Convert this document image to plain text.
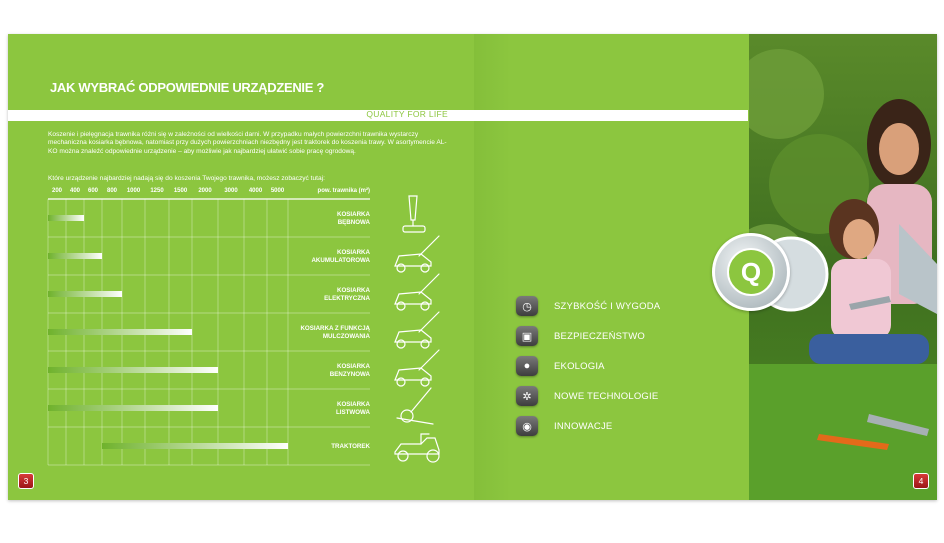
QUALITY FOR LIFE
JAK WYBRAĆ ODPOWIEDNIE URZĄDZENIE ?

Koszenie i pielęgnacja trawnika różni się w zależności od wielkości darni. W przypadku małych powierzchni trawnika wystarczy mechaniczna kosiarka bębnowa, natomiast przy dużych powierzchniach niezbędny jest traktorek do koszenia trawy. W asortymencie AL-KO można znaleźć odpowiednie urządzenie – aby możliwie jak najbardziej ułatwić sobie pracę ogrodową.

Które urządzenie najbardziej nadają się do koszenia Twojego trawnika, możesz zobaczyć tutaj:

200 400 600 800 1000 1250 1500 2000 3000 4000 5000	pow. trawnika (m²)
KOSIARKA
BĘBNOWA
KOSIARKA
AKUMULATOROWA
KOSIARKA
ELEKTRYCZNA
KOSIARKA Z FUNKCJĄ
MULCZOWANIA
KOSIARKA
BENZYNOWA
KOSIARKA
LISTWOWA
TRAKTOREK
◷	SZYBKOŚĆ I WYGODA
▣	BEZPIECZEŃSTWO
●	EKOLOGIA
✲	NOWE TECHNOLOGIE
◉	INNOWACJE
Q
3	4
